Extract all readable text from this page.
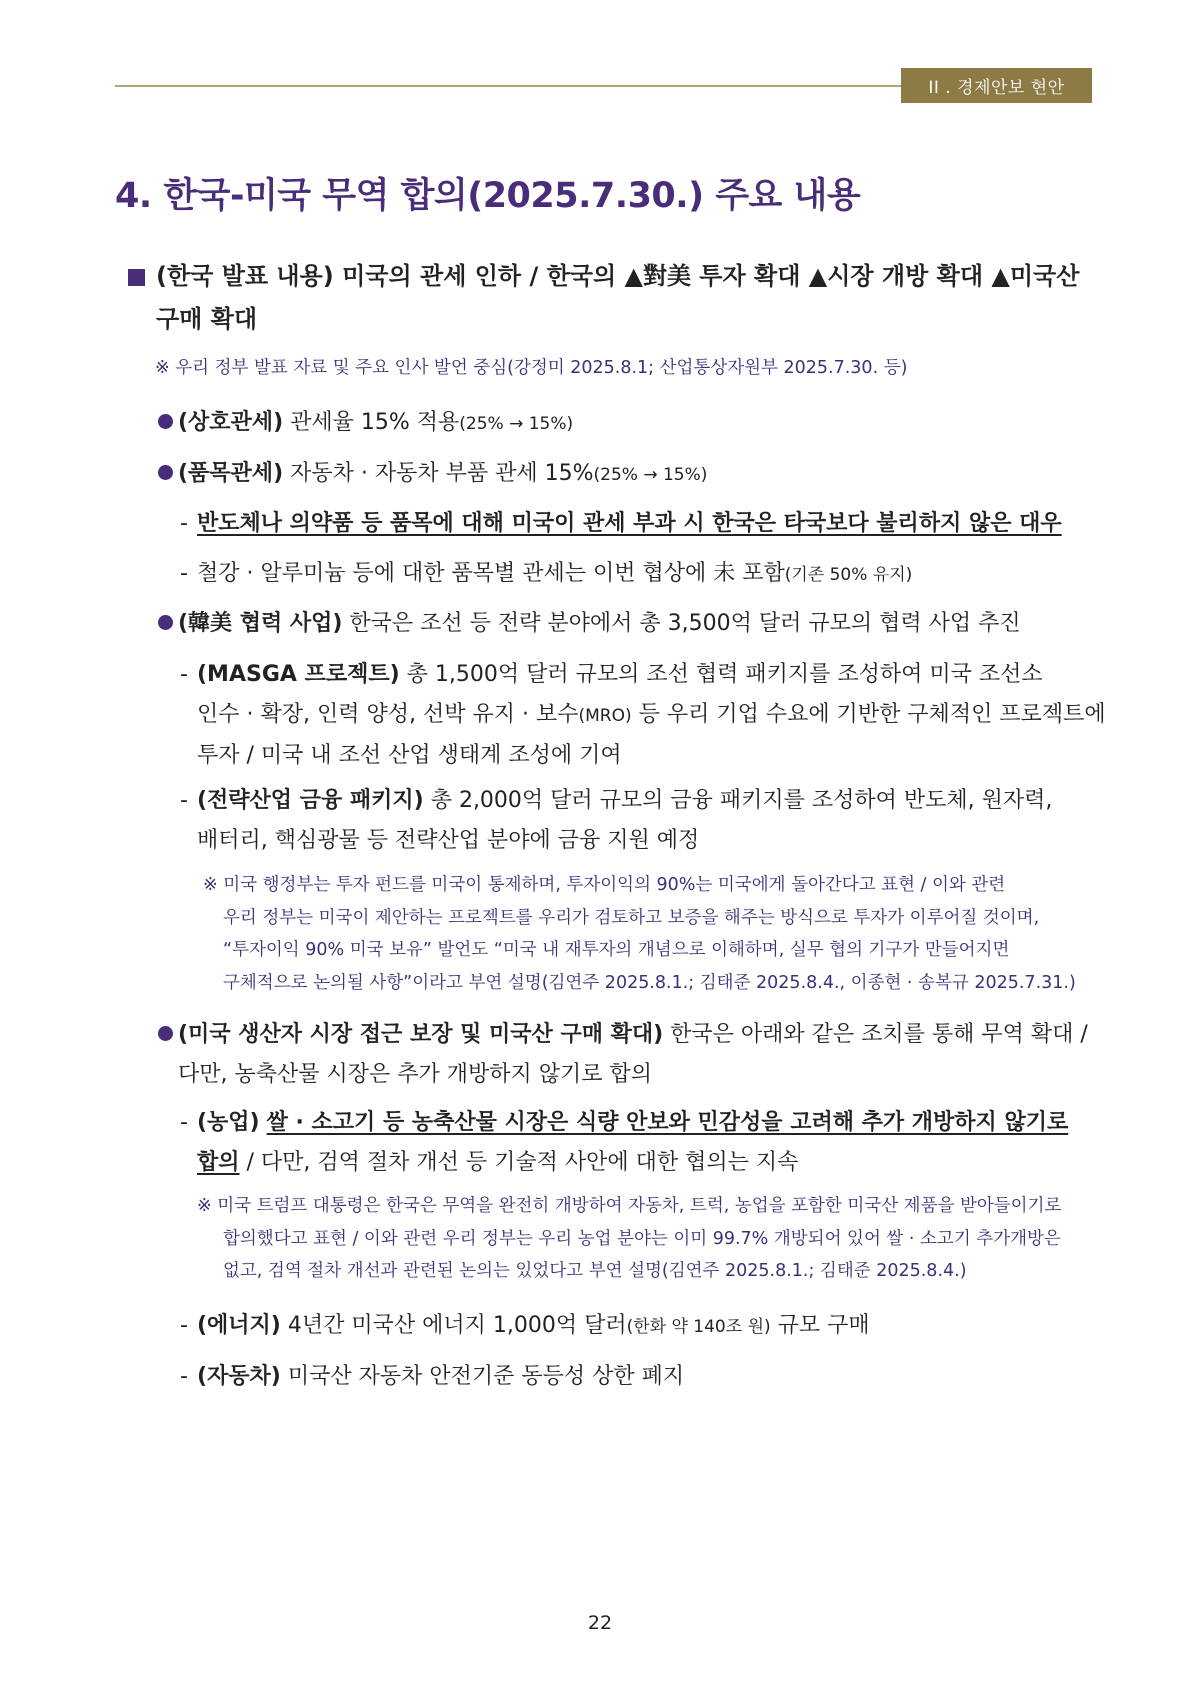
II . 경제안보 현안
4. 한국-미국 무역 합의(2025.7.30.) 주요 내용
(한국 발표 내용) 미국의 관세 인하 / 한국의 ▲對美 투자 확대 ▲시장 개방 확대 ▲미국산 구매 확대
※ 우리 정부 발표 자료 및 주요 인사 발언 중심(강정미 2025.8.1; 산업통상자원부 2025.7.30. 등)
(상호관세) 관세율 15% 적용(25% → 15%)
(품목관세) 자동차 · 자동차 부품 관세 15%(25% → 15%)
- 반도체나 의약품 등 품목에 대해 미국이 관세 부과 시 한국은 타국보다 불리하지 않은 대우
- 철강 · 알루미늄 등에 대한 품목별 관세는 이번 협상에 未 포함(기존 50% 유지)
(韓美 협력 사업) 한국은 조선 등 전략 분야에서 총 3,500억 달러 규모의 협력 사업 추진
- (MASGA 프로젝트) 총 1,500억 달러 규모의 조선 협력 패키지를 조성하여 미국 조선소
인수 · 확장, 인력 양성, 선박 유지 · 보수(MRO) 등 우리 기업 수요에 기반한 구체적인 프로젝트에
투자 / 미국 내 조선 산업 생태계 조성에 기여
- (전략산업 금융 패키지) 총 2,000억 달러 규모의 금융 패키지를 조성하여 반도체, 원자력,
배터리, 핵심광물 등 전략산업 분야에 금융 지원 예정
※ 미국 행정부는 투자 펀드를 미국이 통제하며, 투자이익의 90%는 미국에게 돌아간다고 표현 / 이와 관련
우리 정부는 미국이 제안하는 프로젝트를 우리가 검토하고 보증을 해주는 방식으로 투자가 이루어질 것이며,
“투자이익 90% 미국 보유” 발언도 “미국 내 재투자의 개념으로 이해하며, 실무 협의 기구가 만들어지면
구체적으로 논의될 사항”이라고 부연 설명(김연주 2025.8.1.; 김태준 2025.8.4., 이종현 · 송복규 2025.7.31.)
(미국 생산자 시장 접근 보장 및 미국산 구매 확대) 한국은 아래와 같은 조치를 통해 무역 확대 /
다만, 농축산물 시장은 추가 개방하지 않기로 합의
- (농업) 쌀 · 소고기 등 농축산물 시장은 식량 안보와 민감성을 고려해 추가 개방하지 않기로
합의 / 다만, 검역 절차 개선 등 기술적 사안에 대한 협의는 지속
※ 미국 트럼프 대통령은 한국은 무역을 완전히 개방하여 자동차, 트럭, 농업을 포함한 미국산 제품을 받아들이기로
합의했다고 표현 / 이와 관련 우리 정부는 우리 농업 분야는 이미 99.7% 개방되어 있어 쌀 · 소고기 추가개방은
없고, 검역 절차 개선과 관련된 논의는 있었다고 부연 설명(김연주 2025.8.1.; 김태준 2025.8.4.)
- (에너지) 4년간 미국산 에너지 1,000억 달러(한화 약 140조 원) 규모 구매
- (자동차) 미국산 자동차 안전기준 동등성 상한 폐지
22
